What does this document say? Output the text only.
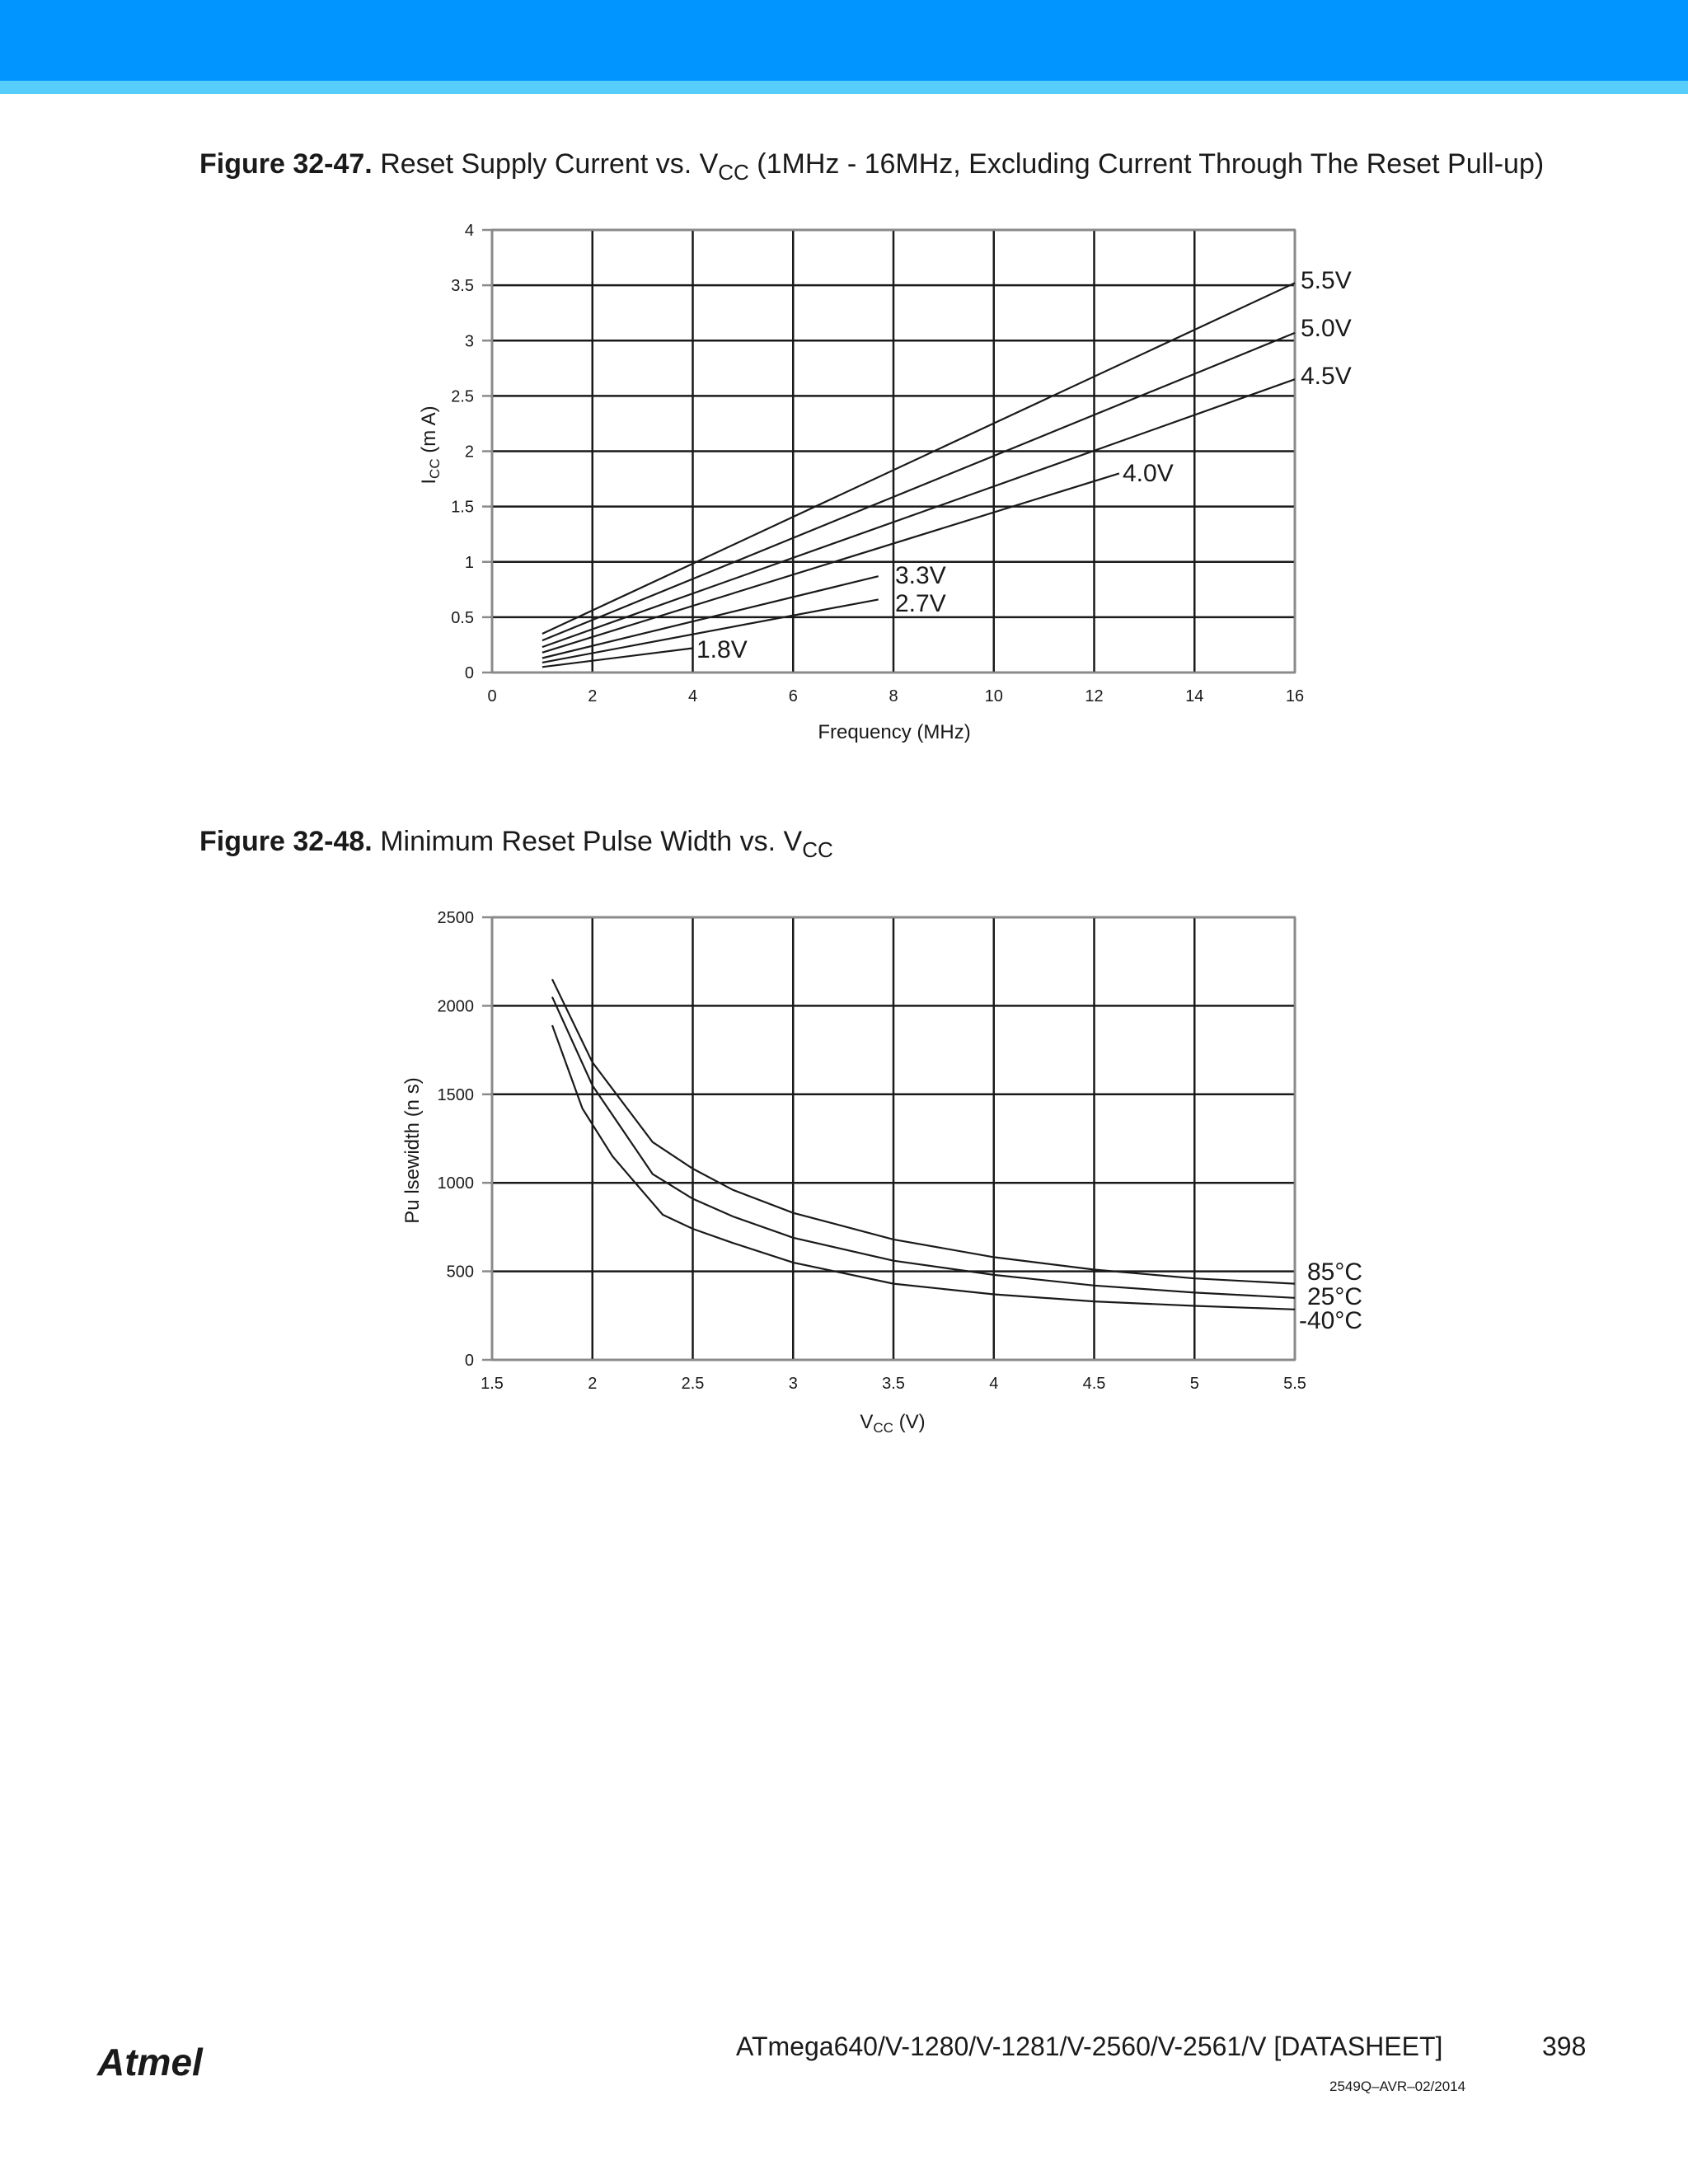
Figure 32-47. Reset Supply Current vs. $V_{CC}$ (1MHz - 16MHz, Excluding Current Through The Reset Pull-up)
$I_{CC}$ (m A)
Frequency (MHz)
0	2	4	6	8	10	12	14	16
0
0.5
1
1.5
2
2.5
3
3.5
4
5.5V
5.0V
4.5V
4.0V
3.3V
2.7V
1.8V
Figure 32-48. Minimum Reset Pulse Width vs. $V_{CC}$
Pu lsewidth (n s)
$V_{CC}$ (V)
1.5	2	2.5	3	3.5	4	4.5	5	5.5
0
500
1000
1500
2000
2500
85°C
25°C
-40°C
Atmel	ATmega640/V-1280/V-1281/V-2560/V-2561/V [DATASHEET]	398
2549Q–AVR–02/2014
